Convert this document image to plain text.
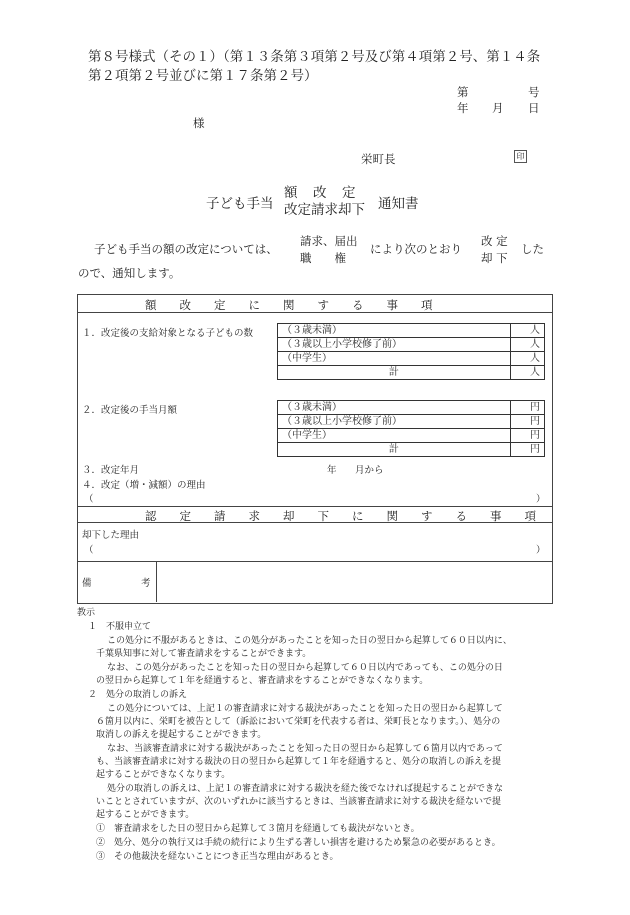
第８号様式（その１）（第１３条第３項第２号及び第４項第２号、第１４条
第２項第２号並びに第１７条第２号）
第	号
年 月 日
様
栄町長	印
子ども手当
額　改　定
改定請求却下 通知書
子ども手当の額の改定については、
請求、届出
職　　権
により次のとおり
改 定
却 下
した
ので、通知します。
額　　改　　定　　に　　関　　す　　る　　事　　項
１．改定後の支給対象となる子どもの数	（３歳未満）	人
（３歳以上小学校修了前）	人
（中学生）	人
計	人
２．改定後の手当月額	（３歳未満）	円
（３歳以上小学校修了前）	円
（中学生）	円
計	円
３．改定年月	年 月から
４．改定（増・減額）の理由
（	）
認　　定　　請　　求　　却　　下　　に　　関　　す　　る　　事　　項
却下した理由
（	）
備	考
教示
１　不服申立て
この処分に不服があるときは、この処分があったことを知った日の翌日から起算して６０日以内に、
千葉県知事に対して審査請求をすることができます。
なお、この処分があったことを知った日の翌日から起算して６０日以内であっても、この処分の日
の翌日から起算して１年を経過すると、審査請求をすることができなくなります。
２　処分の取消しの訴え
この処分については、上記１の審査請求に対する裁決があったことを知った日の翌日から起算して
６箇月以内に、栄町を被告として（訴訟において栄町を代表する者は、栄町長となります。）、処分の
取消しの訴えを提起することができます。
なお、当該審査請求に対する裁決があったことを知った日の翌日から起算して６箇月以内であって
も、当該審査請求に対する裁決の日の翌日から起算して１年を経過すると、処分の取消しの訴えを提
起することができなくなります。
処分の取消しの訴えは、上記１の審査請求に対する裁決を経た後でなければ提起することができな
いこととされていますが、次のいずれかに該当するときは、当該審査請求に対する裁決を経ないで提
起することができます。
①　審査請求をした日の翌日から起算して３箇月を経過しても裁決がないとき。
②　処分、処分の執行又は手続の続行により生ずる著しい損害を避けるため緊急の必要があるとき。
③　その他裁決を経ないことにつき正当な理由があるとき。
